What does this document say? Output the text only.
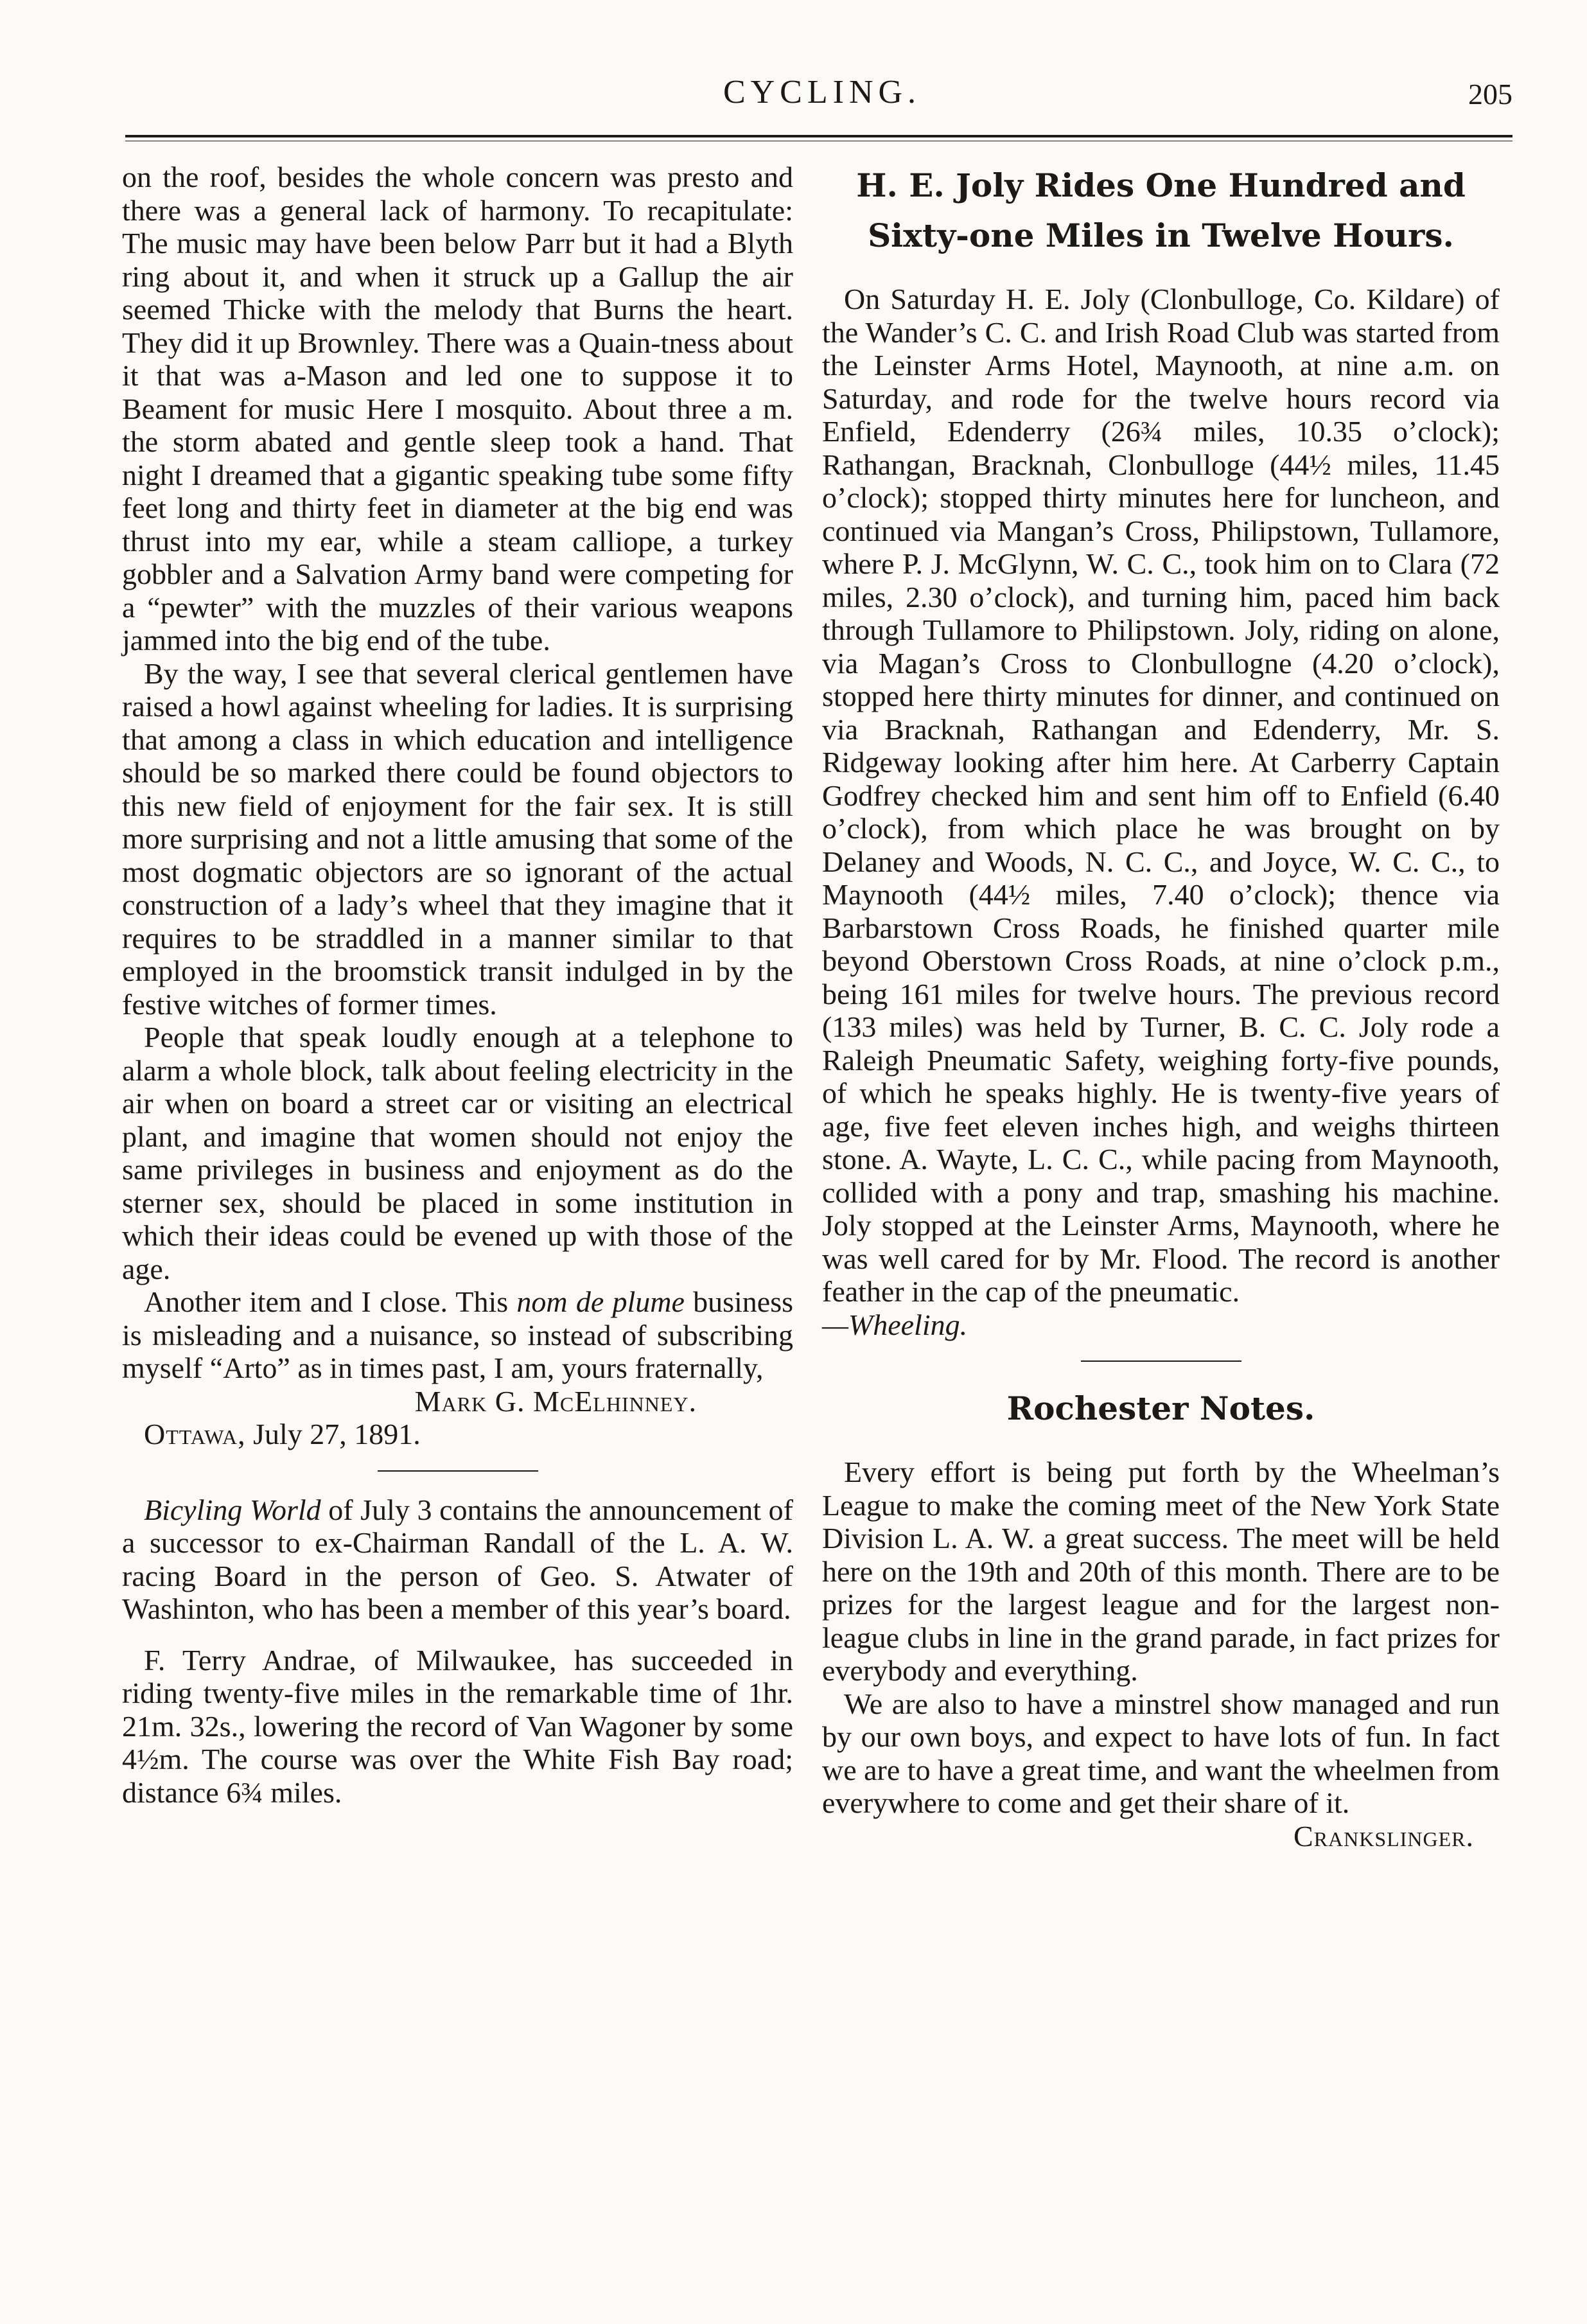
CYCLING.	205

on the roof, besides the whole concern was presto and there was a general lack of harmony. To recapitulate: The music may have been below Parr but it had a Blyth ring about it, and when it struck up a Gallup the air seemed Thicke with the melody that Burns the heart. They did it up Brownley. There was a Quain-tness about it that was a-Mason and led one to suppose it to Beament for music Here I mosquito. About three a m. the storm abated and gentle sleep took a hand. That night I dreamed that a gigantic speaking tube some fifty feet long and thirty feet in diameter at the big end was thrust into my ear, while a steam calliope, a turkey gobbler and a Salvation Army band were competing for a “pewter” with the muzzles of their various weapons jammed into the big end of the tube.

By the way, I see that several clerical gentlemen have raised a howl against wheeling for ladies. It is surprising that among a class in which education and intelligence should be so marked there could be found objectors to this new field of enjoyment for the fair sex. It is still more surprising and not a little amusing that some of the most dogmatic objectors are so ignorant of the actual construction of a lady’s wheel that they imagine that it requires to be straddled in a manner similar to that employed in the broomstick transit indulged in by the festive witches of former times.

People that speak loudly enough at a telephone to alarm a whole block, talk about feeling electricity in the air when on board a street car or visiting an electrical plant, and imagine that women should not enjoy the same privileges in business and enjoyment as do the sterner sex, should be placed in some institution in which their ideas could be evened up with those of the age.

Another item and I close. This nom de plume business is misleading and a nuisance, so instead of subscribing myself “Arto” as in times past, I am, yours fraternally,

Mark G. McElhinney.
Ottawa, July 27, 1891.

Bicyling World of July 3 contains the announcement of a successor to ex-Chairman Randall of the L. A. W. racing Board in the person of Geo. S. Atwater of Washinton, who has been a member of this year’s board.

F. Terry Andrae, of Milwaukee, has succeeded in riding twenty-five miles in the remarkable time of 1hr. 21m. 32s., lowering the record of Van Wagoner by some 4½m. The course was over the White Fish Bay road; distance 6¾ miles.

H. E. Joly Rides One Hundred and Sixty-one Miles in Twelve Hours.

On Saturday H. E. Joly (Clonbulloge, Co. Kildare) of the Wander’s C. C. and Irish Road Club was started from the Leinster Arms Hotel, Maynooth, at nine a.m. on Saturday, and rode for the twelve hours record via Enfield, Edenderry (26¾ miles, 10.35 o’clock); Rathangan, Bracknah, Clonbulloge (44½ miles, 11.45 o’clock); stopped thirty minutes here for luncheon, and continued via Mangan’s Cross, Philipstown, Tullamore, where P. J. McGlynn, W. C. C., took him on to Clara (72 miles, 2.30 o’clock), and turning him, paced him back through Tullamore to Philipstown. Joly, riding on alone, via Magan’s Cross to Clonbullogne (4.20 o’clock), stopped here thirty minutes for dinner, and continued on via Bracknah, Rathangan and Edenderry, Mr. S. Ridgeway looking after him here. At Carberry Captain Godfrey checked him and sent him off to Enfield (6.40 o’clock), from which place he was brought on by Delaney and Woods, N. C. C., and Joyce, W. C. C., to Maynooth (44½ miles, 7.40 o’clock); thence via Barbarstown Cross Roads, he finished quarter mile beyond Oberstown Cross Roads, at nine o’clock p.m., being 161 miles for twelve hours. The previous record (133 miles) was held by Turner, B. C. C. Joly rode a Raleigh Pneumatic Safety, weighing forty-five pounds, of which he speaks highly. He is twenty-five years of age, five feet eleven inches high, and weighs thirteen stone. A. Wayte, L. C. C., while pacing from Maynooth, collided with a pony and trap, smashing his machine. Joly stopped at the Leinster Arms, Maynooth, where he was well cared for by Mr. Flood. The record is another feather in the cap of the pneumatic.

—Wheeling.

Rochester Notes.

Every effort is being put forth by the Wheelman’s League to make the coming meet of the New York State Division L. A. W. a great success. The meet will be held here on the 19th and 20th of this month. There are to be prizes for the largest league and for the largest non-league clubs in line in the grand parade, in fact prizes for everybody and everything.

We are also to have a minstrel show managed and run by our own boys, and expect to have lots of fun. In fact we are to have a great time, and want the wheelmen from everywhere to come and get their share of it.

Crankslinger.
